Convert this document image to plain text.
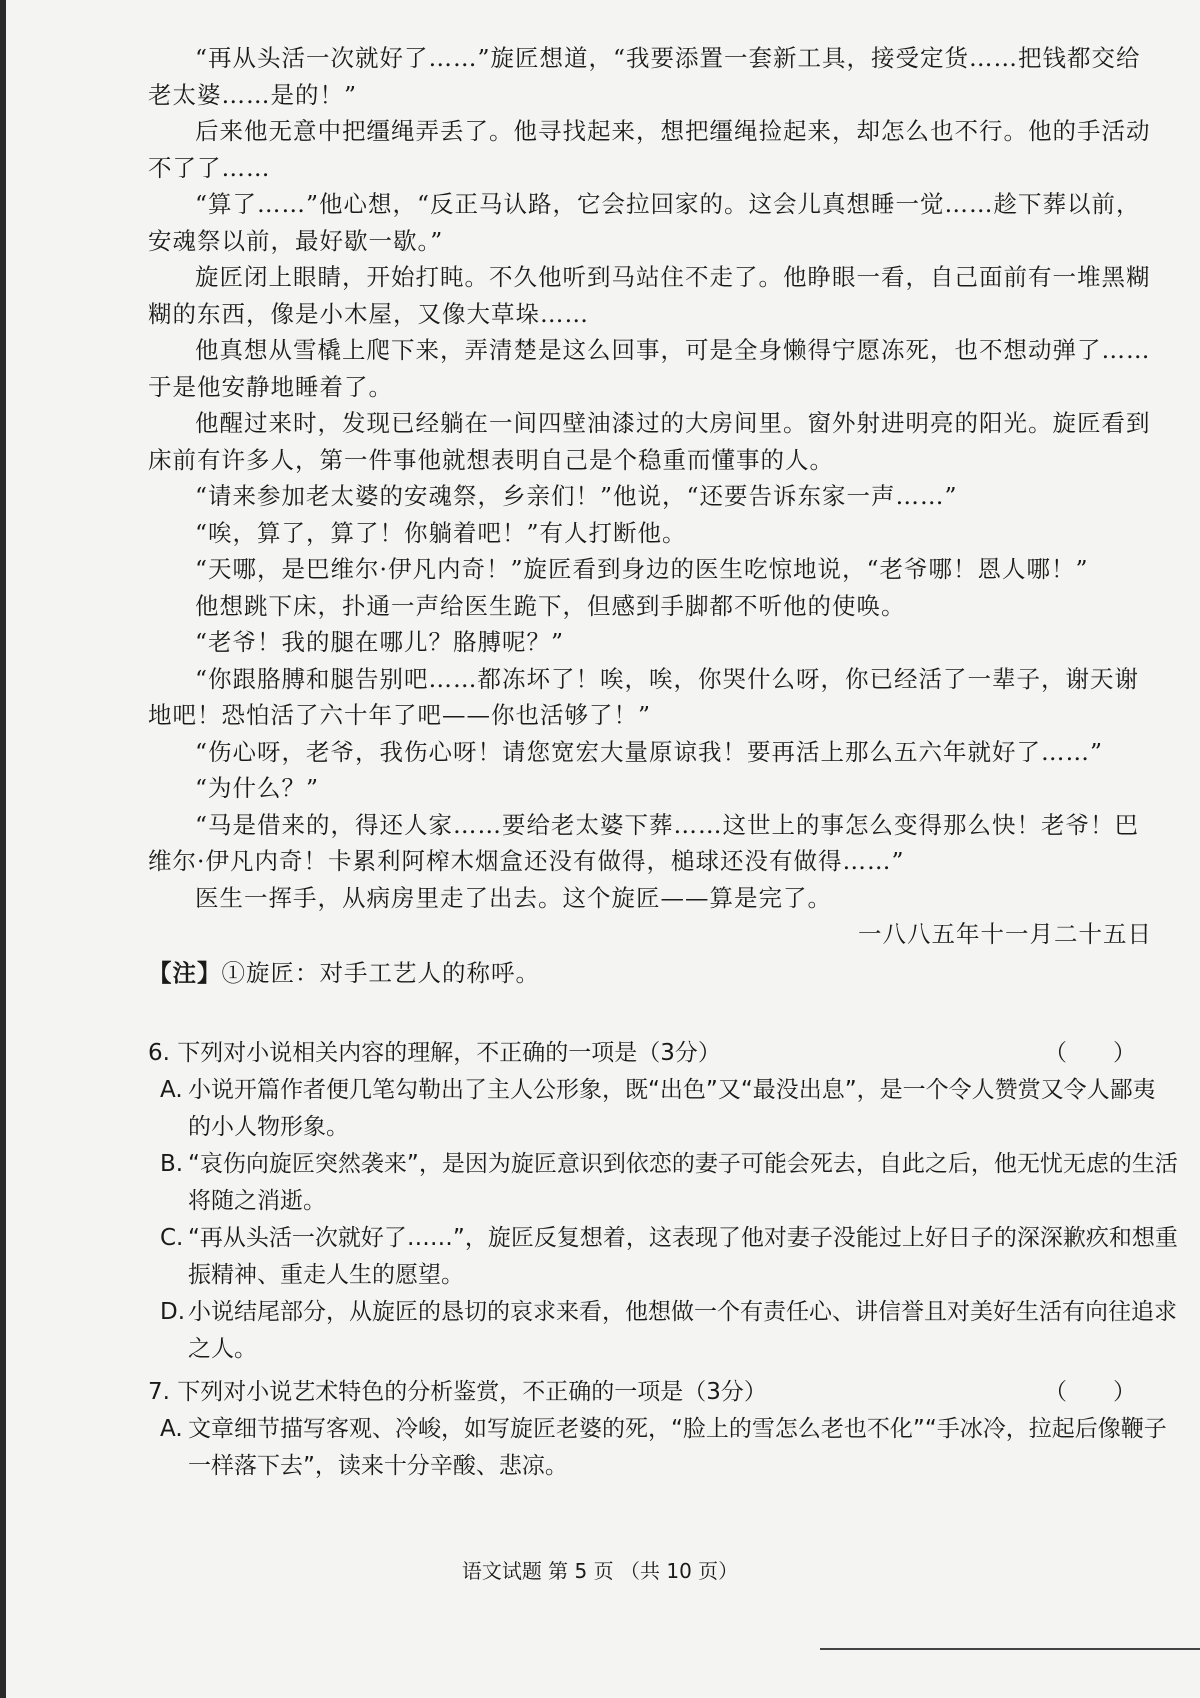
“再从头活一次就好了……”旋匠想道，“我要添置一套新工具，接受定货……把钱都交给老太婆……是的！”

后来他无意中把缰绳弄丢了。他寻找起来，想把缰绳捡起来，却怎么也不行。他的手活动不了了……

“算了……”他心想，“反正马认路，它会拉回家的。这会儿真想睡一觉……趁下葬以前，安魂祭以前，最好歇一歇。”

旋匠闭上眼睛，开始打盹。不久他听到马站住不走了。他睁眼一看，自己面前有一堆黑糊糊的东西，像是小木屋，又像大草垛……

他真想从雪橇上爬下来，弄清楚是这么回事，可是全身懒得宁愿冻死，也不想动弹了……于是他安静地睡着了。

他醒过来时，发现已经躺在一间四壁油漆过的大房间里。窗外射进明亮的阳光。旋匠看到床前有许多人，第一件事他就想表明自己是个稳重而懂事的人。

“请来参加老太婆的安魂祭，乡亲们！”他说，“还要告诉东家一声……”

“唉，算了，算了！你躺着吧！”有人打断他。

“天哪，是巴维尔·伊凡内奇！”旋匠看到身边的医生吃惊地说，“老爷哪！恩人哪！”

他想跳下床，扑通一声给医生跪下，但感到手脚都不听他的使唤。

“老爷！我的腿在哪儿？胳膊呢？”

“你跟胳膊和腿告别吧……都冻坏了！唉，唉，你哭什么呀，你已经活了一辈子，谢天谢地吧！恐怕活了六十年了吧——你也活够了！”

“伤心呀，老爷，我伤心呀！请您宽宏大量原谅我！要再活上那么五六年就好了……”

“为什么？”

“马是借来的，得还人家……要给老太婆下葬……这世上的事怎么变得那么快！老爷！巴维尔·伊凡内奇！卡累利阿榨木烟盒还没有做得，槌球还没有做得……”

医生一挥手，从病房里走了出去。这个旋匠——算是完了。

一八八五年十一月二十五日

【注】①旋匠：对手工艺人的称呼。

6. 下列对小说相关内容的理解，不正确的一项是（3分）	（　　）

A. 小说开篇作者便几笔勾勒出了主人公形象，既“出色”又“最没出息”，是一个令人赞赏又令人鄙夷的小人物形象。

B. “哀伤向旋匠突然袭来”，是因为旋匠意识到依恋的妻子可能会死去，自此之后，他无忧无虑的生活将随之消逝。

C. “再从头活一次就好了……”，旋匠反复想着，这表现了他对妻子没能过上好日子的深深歉疚和想重振精神、重走人生的愿望。

D. 小说结尾部分，从旋匠的恳切的哀求来看，他想做一个有责任心、讲信誉且对美好生活有向往追求之人。

7. 下列对小说艺术特色的分析鉴赏，不正确的一项是（3分）	（　　）

A. 文章细节描写客观、冷峻，如写旋匠老婆的死，“脸上的雪怎么老也不化”“手冰冷，拉起后像鞭子一样落下去”，读来十分辛酸、悲凉。

语文试题 第 5 页 （共 10 页）
